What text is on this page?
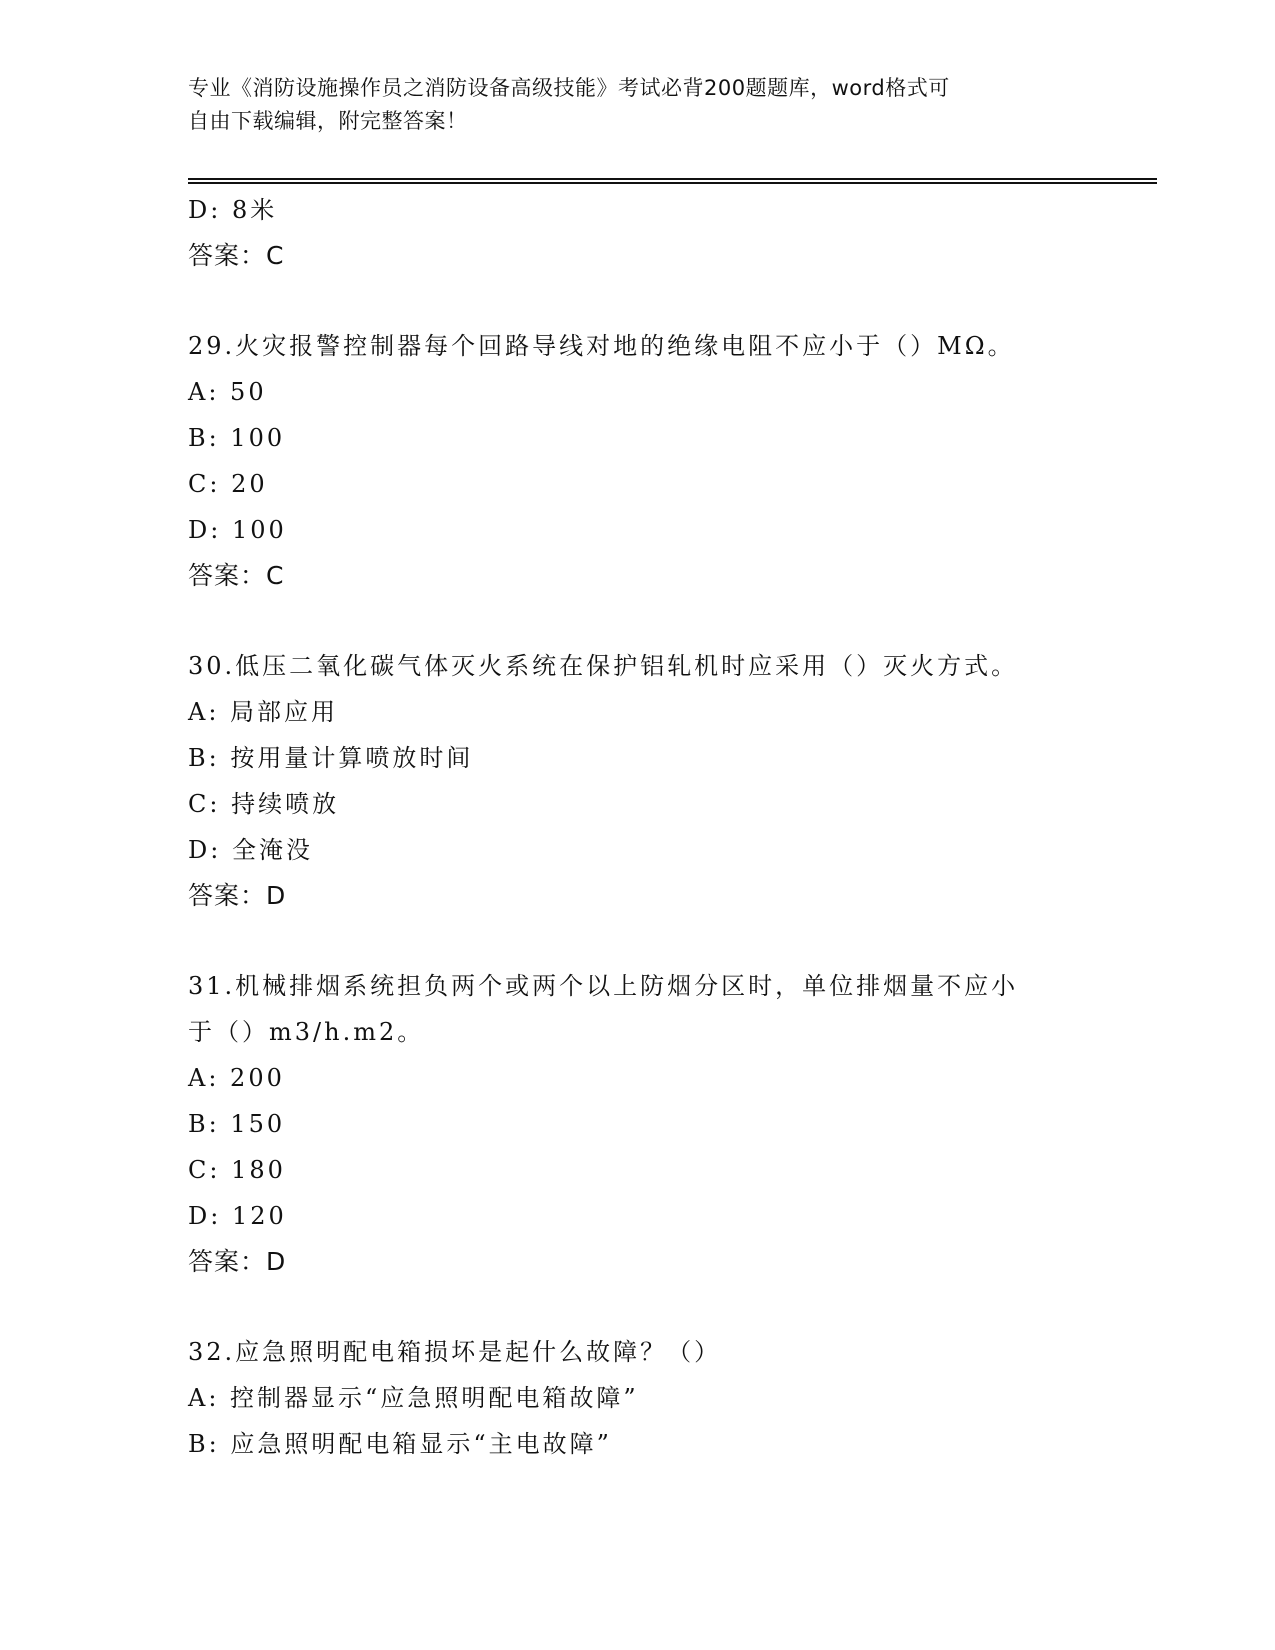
专业《消防设施操作员之消防设备高级技能》考试必背200题题库，word格式可
自由下载编辑，附完整答案！
D: 8米
答案：C
29.火灾报警控制器每个回路导线对地的绝缘电阻不应小于（）MΩ。
A: 50
B: 100
C: 20
D: 100
答案：C
30.低压二氧化碳气体灭火系统在保护铝轧机时应采用（）灭火方式。
A: 局部应用
B: 按用量计算喷放时间
C: 持续喷放
D: 全淹没
答案：D
31.机械排烟系统担负两个或两个以上防烟分区时，单位排烟量不应小
于（）m3/h.m2。
A: 200
B: 150
C: 180
D: 120
答案：D
32.应急照明配电箱损坏是起什么故障？（）
A: 控制器显示“应急照明配电箱故障”
B: 应急照明配电箱显示“主电故障”
